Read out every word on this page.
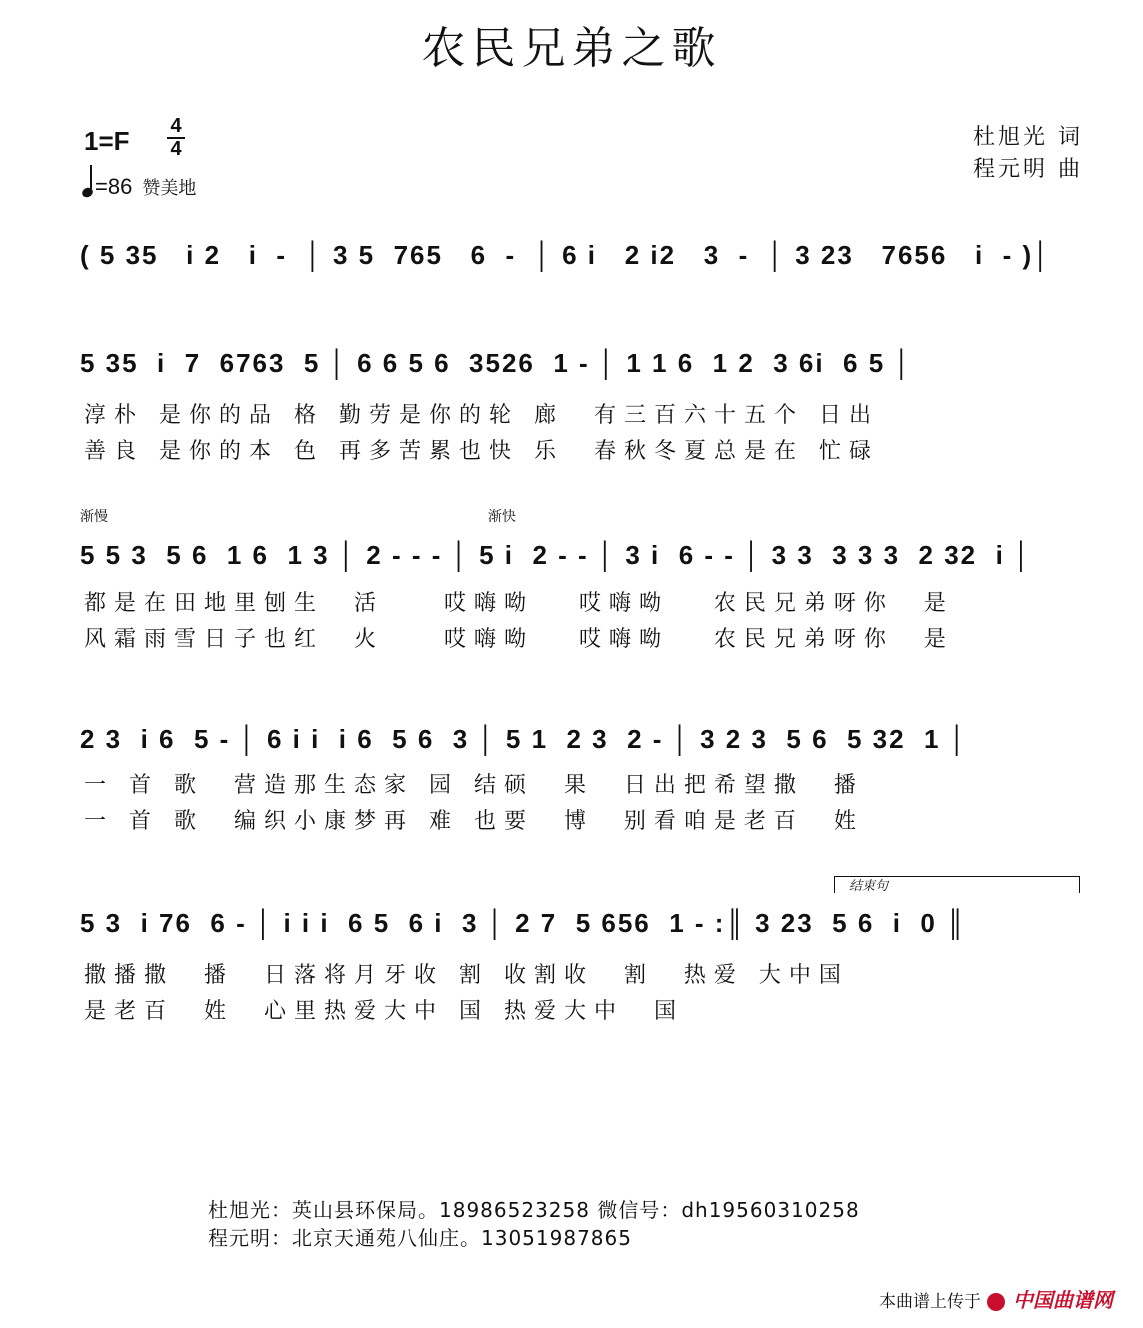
农民兄弟之歌
1=F 4
4
=86 赞美地
杜旭光 词
程元明 曲
( 5 35   i 2   i  -  │ 3 5  765   6  -  │ 6 i   2 i2   3  -  │ 3 23   7656   i  - )│
5 35  i  7  6763  5 │ 6 6 5 6  3526  1 - │ 1 1 6  1 2  3 6i  6 5 │
淳朴 是你的品 格 勤劳是你的轮 廊  有三百六十五个 日出
善良 是你的本 色 再多苦累也快 乐  春秋冬夏总是在 忙碌
渐慢	渐快
5 5 3  5 6  1 6  1 3 │ 2 - - - │ 5 i  2 - - │ 3 i  6 - - │ 3 3  3 3 3  2 32  i │
都是在田地里刨生  活    哎嗨呦   哎嗨呦   农民兄弟呀你  是
风霜雨雪日子也红  火    哎嗨呦   哎嗨呦   农民兄弟呀你  是
2 3  i 6  5 - │ 6 i i  i 6  5 6  3 │ 5 1  2 3  2 - │ 3 2 3  5 6  5 32  1 │
一 首 歌  营造那生态家 园 结硕  果  日出把希望撒  播
一 首 歌  编织小康梦再 难 也要  博  别看咱是老百  姓
结束句
5 3  i 76  6 - │ i i i  6 5  6 i  3 │ 2 7  5 656  1 - :║ 3 23  5 6  i  0 ║
撒播撒  播  日落将月牙收 割 收割收  割  热爱 大中国
是老百  姓  心里热爱大中 国 热爱大中  国
杜旭光：英山县环保局。18986523258 微信号：dh19560310258
程元明：北京天通苑八仙庄。13051987865
本曲谱上传于 中国曲谱网
